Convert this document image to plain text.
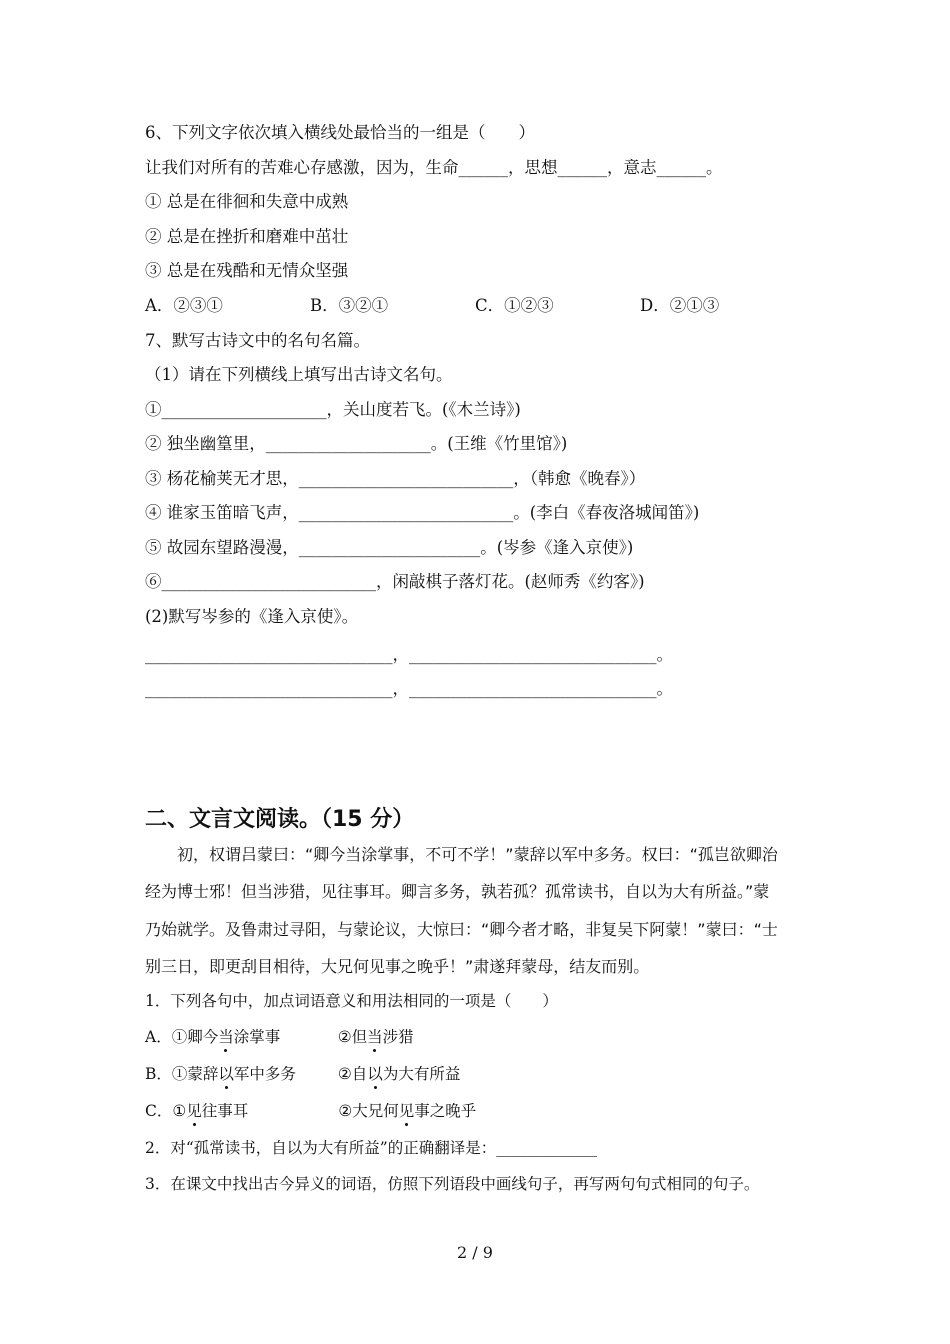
6、下列文字依次填入横线处最恰当的一组是（　　）
让我们对所有的苦难心存感激，因为，生命______，思想______，意志______。
① 总是在徘徊和失意中成熟
② 总是在挫折和磨难中茁壮
③ 总是在残酷和无情众坚强
A．②③①	B．③②①	C．①②③	D．②①③
7、默写古诗文中的名句名篇。
（1）请在下列横线上填写出古诗文名句。
①____________________，关山度若飞。(《木兰诗》)
② 独坐幽篁里，____________________。(王维《竹里馆》)
③ 杨花榆荚无才思，__________________________，（韩愈《晚春》）
④ 谁家玉笛暗飞声，__________________________。(李白《春夜洛城闻笛》)
⑤ 故园东望路漫漫，______________________。(岑参《逢入京使》)
⑥__________________________，闲敲棋子落灯花。(赵师秀《约客》)
(2)默写岑参的《逢入京使》。
______________________________，______________________________。
______________________________，______________________________。
二、文言文阅读。（15 分）
初，权谓吕蒙曰：“卿今当涂掌事，不可不学！”蒙辞以军中多务。权曰：“孤岂欲卿治
经为博士邪！但当涉猎，见往事耳。卿言多务，孰若孤？孤常读书，自以为大有所益。”蒙
乃始就学。及鲁肃过寻阳，与蒙论议，大惊曰：“卿今者才略，非复吴下阿蒙！”蒙曰：“士
别三日，即更刮目相待，大兄何见事之晚乎！”肃遂拜蒙母，结友而别。
1．下列各句中，加点词语意义和用法相同的一项是（　　）
A．①卿今当涂掌事	②但当涉猎
B．①蒙辞以军中多务	②自以为大有所益
C．①见往事耳	②大兄何见事之晚乎
2．对“孤常读书，自以为大有所益”的正确翻译是：_____________
3．在课文中找出古今异义的词语，仿照下列语段中画线句子，再写两句句式相同的句子。
2 / 9
